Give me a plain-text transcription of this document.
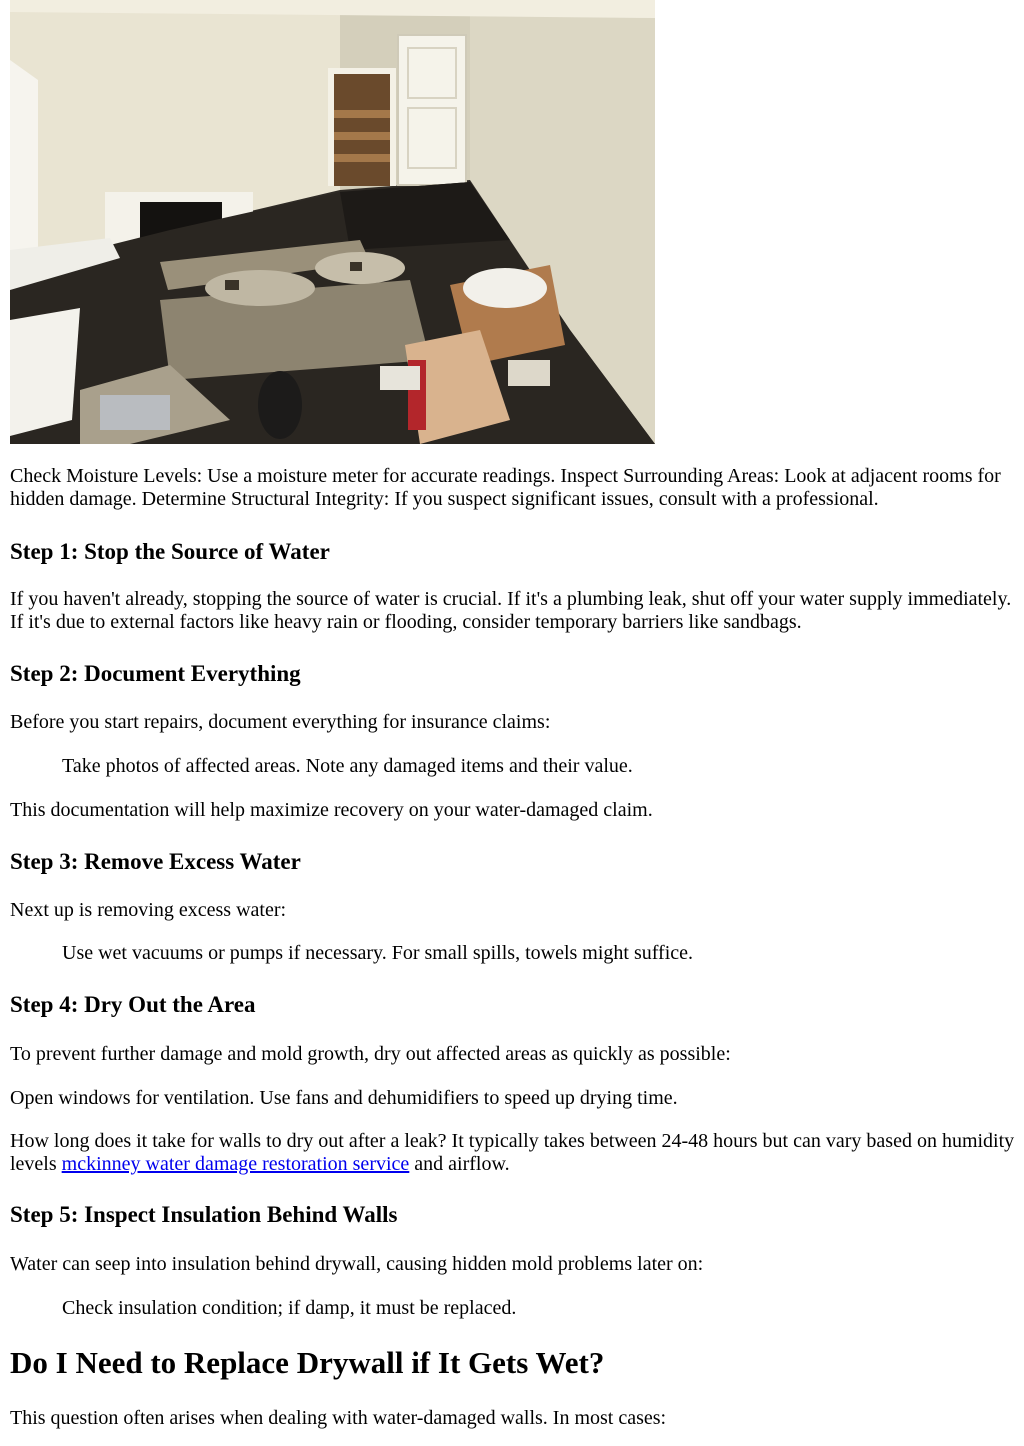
Check Moisture Levels: Use a moisture meter for accurate readings. Inspect Surrounding Areas: Look at adjacent rooms for hidden damage. Determine Structural Integrity: If you suspect significant issues, consult with a professional.

Step 1: Stop the Source of Water

If you haven't already, stopping the source of water is crucial. If it's a plumbing leak, shut off your water supply immediately. If it's due to external factors like heavy rain or flooding, consider temporary barriers like sandbags.

Step 2: Document Everything

Before you start repairs, document everything for insurance claims:

Take photos of affected areas. Note any damaged items and their value.

This documentation will help maximize recovery on your water-damaged claim.

Step 3: Remove Excess Water

Next up is removing excess water:

Use wet vacuums or pumps if necessary. For small spills, towels might suffice.

Step 4: Dry Out the Area

To prevent further damage and mold growth, dry out affected areas as quickly as possible:

Open windows for ventilation. Use fans and dehumidifiers to speed up drying time.

How long does it take for walls to dry out after a leak? It typically takes between 24-48 hours but can vary based on humidity levels mckinney water damage restoration service and airflow.

Step 5: Inspect Insulation Behind Walls

Water can seep into insulation behind drywall, causing hidden mold problems later on:

Check insulation condition; if damp, it must be replaced.

Do I Need to Replace Drywall if It Gets Wet?

This question often arises when dealing with water-damaged walls. In most cases:
